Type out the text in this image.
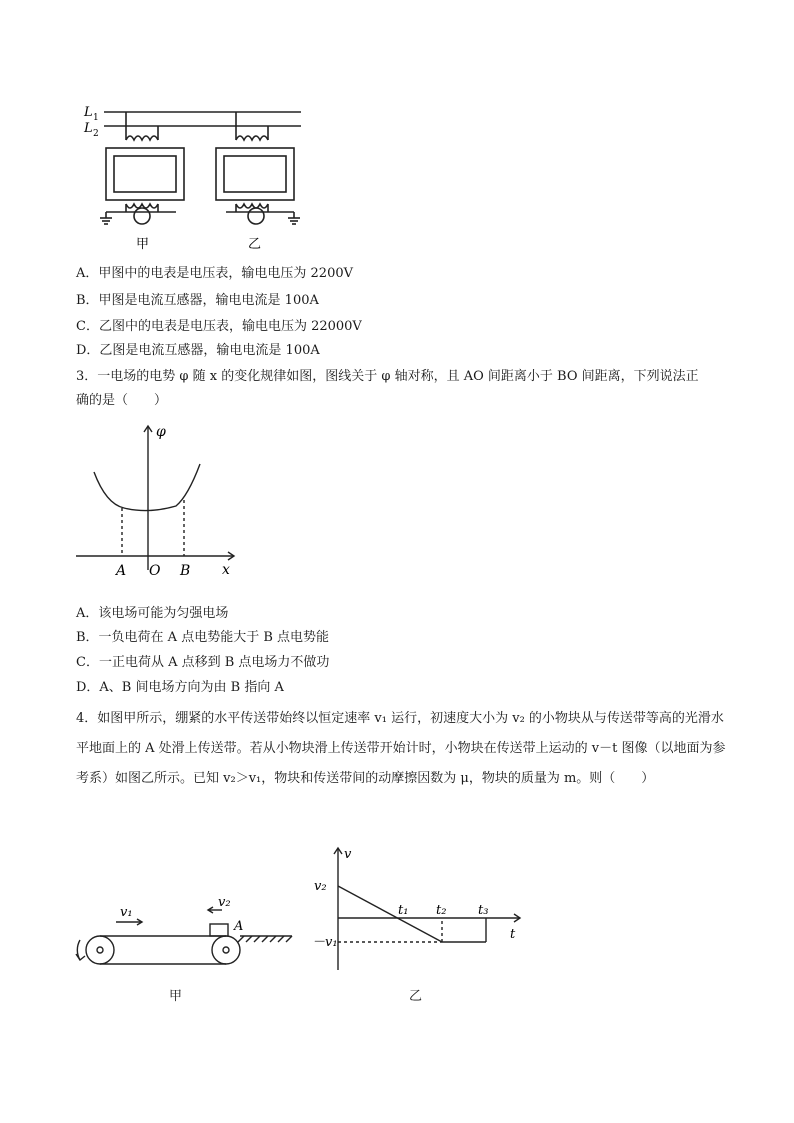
L 1
L 2
甲	乙
A．甲图中的电表是电压表，输电电压为 2200V
B．甲图是电流互感器，输电电流是 100A
C．乙图中的电表是电压表，输电电压为 22000V
D．乙图是电流互感器，输电电流是 100A
3．一电场的电势 φ 随 x 的变化规律如图，图线关于 φ 轴对称，且 AO 间距离小于 BO 间距离，下列说法正
确的是（　　）
φ
x
A O B
A．该电场可能为匀强电场
B．一负电荷在 A 点电势能大于 B 点电势能
C．一正电荷从 A 点移到 B 点电场力不做功
D．A、B 间电场方向为由 B 指向 A
4．如图甲所示，绷紧的水平传送带始终以恒定速率 v₁ 运行，初速度大小为 v₂ 的小物块从与传送带等高的光滑水平地面上的 A 处滑上传送带。若从小物块滑上传送带开始计时，小物块在传送带上运动的 v－t 图像（以地面为参考系）如图乙所示。已知 v₂＞v₁，物块和传送带间的动摩擦因数为 μ，物块的质量为 m。则（　　）
v₁
v₂
A
甲
v
t
v₂
－v₁
t₁ t₂ t₃
乙
